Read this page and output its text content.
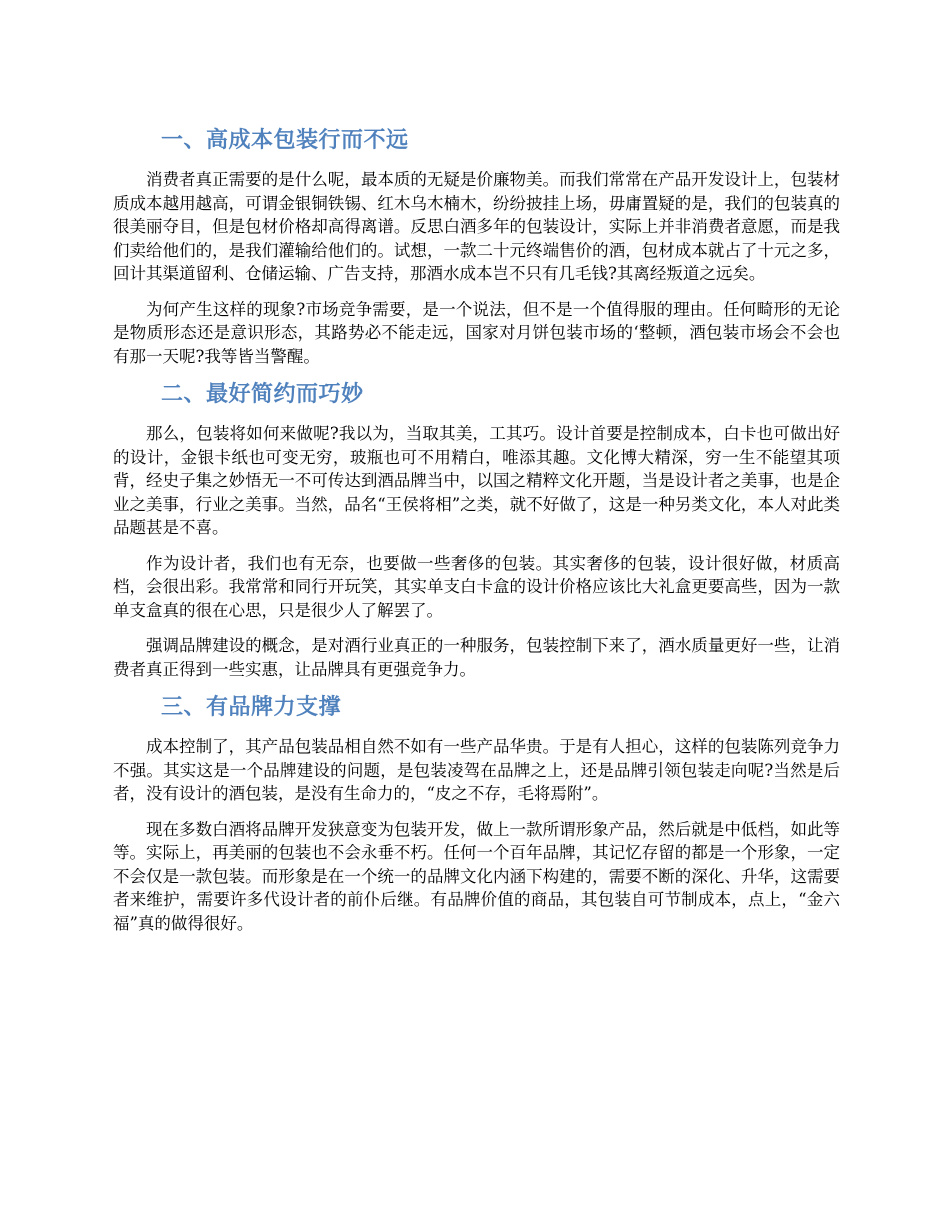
一、高成本包装行而不远

消费者真正需要的是什么呢，最本质的无疑是价廉物美。而我们常常在产品开发设计上，包装材质成本越用越高，可谓金银铜铁锡、红木乌木楠木，纷纷披挂上场，毋庸置疑的是，我们的包装真的很美丽夺目，但是包材价格却高得离谱。反思白酒多年的包装设计，实际上并非消费者意愿，而是我们卖给他们的，是我们灌输给他们的。试想，一款二十元终端售价的酒，包材成本就占了十元之多，回计其渠道留利、仓储运输、广告支持，那酒水成本岂不只有几毛钱?其离经叛道之远矣。

为何产生这样的现象?市场竞争需要，是一个说法，但不是一个值得服的理由。任何畸形的无论是物质形态还是意识形态，其路势必不能走远，国家对月饼包装市场的‘整顿，酒包装市场会不会也有那一天呢?我等皆当警醒。

二、最好简约而巧妙

那么，包装将如何来做呢?我以为，当取其美，工其巧。设计首要是控制成本，白卡也可做出好的设计，金银卡纸也可变无穷，玻瓶也可不用精白，唯添其趣。文化博大精深，穷一生不能望其项背，经史子集之妙悟无一不可传达到酒品牌当中，以国之精粹文化开题，当是设计者之美事，也是企业之美事，行业之美事。当然，品名“王侯将相”之类，就不好做了，这是一种另类文化，本人对此类品题甚是不喜。

作为设计者，我们也有无奈，也要做一些奢侈的包装。其实奢侈的包装，设计很好做，材质高档，会很出彩。我常常和同行开玩笑，其实单支白卡盒的设计价格应该比大礼盒更要高些，因为一款单支盒真的很在心思，只是很少人了解罢了。

强调品牌建设的概念，是对酒行业真正的一种服务，包装控制下来了，酒水质量更好一些，让消费者真正得到一些实惠，让品牌具有更强竞争力。

三、有品牌力支撑

成本控制了，其产品包装品相自然不如有一些产品华贵。于是有人担心，这样的包装陈列竞争力不强。其实这是一个品牌建设的问题，是包装凌驾在品牌之上，还是品牌引领包装走向呢?当然是后者，没有设计的酒包装，是没有生命力的，“皮之不存，毛将焉附”。

现在多数白酒将品牌开发狭意变为包装开发，做上一款所谓形象产品，然后就是中低档，如此等等。实际上，再美丽的包装也不会永垂不朽。任何一个百年品牌，其记忆存留的都是一个形象，一定不会仅是一款包装。而形象是在一个统一的品牌文化内涵下构建的，需要不断的深化、升华，这需要者来维护，需要许多代设计者的前仆后继。有品牌价值的商品，其包装自可节制成本，点上，“金六福”真的做得很好。
